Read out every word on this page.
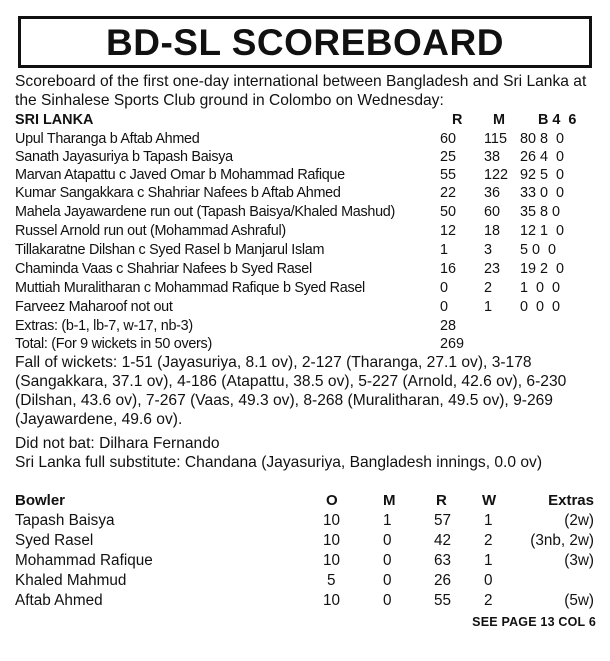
BD-SL SCOREBOARD
Scoreboard of the first one-day international between Bangladesh and Sri Lanka at the Sinhalese Sports Club ground in Colombo on Wednesday:
SRI LANKA	R M B 4  6
Upul Tharanga b Aftab Ahmed	60 115 80 8  0
Sanath Jayasuriya b Tapash Baisya	25 38 26 4  0
Marvan Atapattu c Javed Omar b Mohammad Rafique	55 122 92 5  0
Kumar Sangakkara c Shahriar Nafees b Aftab Ahmed	22 36 33 0  0
Mahela Jayawardene run out (Tapash Baisya/Khaled Mashud)	50 60 35 8 0
Russel Arnold run out (Mohammad Ashraful)	12 18 12 1  0
Tillakaratne Dilshan c Syed Rasel b Manjarul Islam	1 3 5 0  0
Chaminda Vaas c Shahriar Nafees b Syed Rasel	16 23 19 2  0
Muttiah Muralitharan c Mohammad Rafique b Syed Rasel	0 2 1  0  0
Farveez Maharoof not out	0 1 0  0  0
Extras: (b-1, lb-7, w-17, nb-3)	28
Total: (For 9 wickets in 50 overs)	269
Fall of wickets: 1-51 (Jayasuriya, 8.1 ov), 2-127 (Tharanga, 27.1 ov), 3-178 (Sangakkara, 37.1 ov), 4-186 (Atapattu, 38.5 ov), 5-227 (Arnold, 42.6 ov), 6-230 (Dilshan, 43.6 ov), 7-267 (Vaas, 49.3 ov), 8-268 (Muralitharan, 49.5 ov), 9-269 (Jayawardene, 49.6 ov).
Did not bat: Dilhara Fernando
Sri Lanka full substitute: Chandana (Jayasuriya, Bangladesh innings, 0.0 ov)
Bowler	O	M	R W	Extras
Tapash Baisya	10	1	57 1	(2w)
Syed Rasel	10	0	42 2 (3nb, 2w)
Mohammad Rafique	10	0	63 1	(3w)
Khaled Mahmud	5	0	26 0
Aftab Ahmed	10	0	55 2	(5w)
SEE PAGE 13 COL 6
